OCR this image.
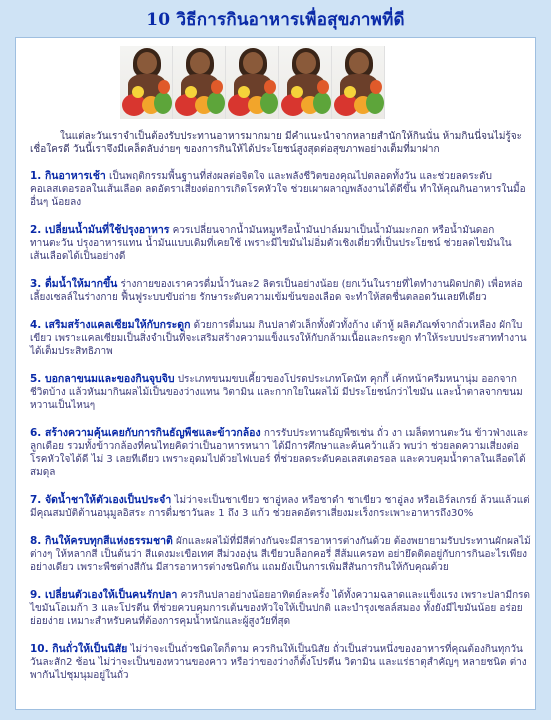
10 วิธีการกินอาหารเพื่อสุขภาพที่ดี

ในแต่ละวันเราจำเป็นต้องรับประทานอาหารมากมาย มีคำแนะนำจากหลายสำนักให้กินนั่น ห้ามกินนี่จนไม่รู้จะเชื่อใครดี วันนี้เราจึงมีเคล็ดลับง่ายๆ ของการกินให้ได้ประโยชน์สูงสุดต่อสุขภาพอย่างเต็มที่มาฝาก

1. กินอาหารเช้า เป็นพฤติกรรมพื้นฐานที่ส่งผลต่อจิตใจ และพลังชีวิตของคุณไปตลอดทั้งวัน และช่วยลดระดับคอเลสเตอรอลในเส้นเลือด ลดอัตราเสี่ยงต่อการเกิดโรคหัวใจ ช่วยเผาผลาญพลังงานได้ดีขึ้น ทำให้คุณกินอาหารในมื้ออื่นๆ น้อยลง
2. เปลี่ยนน้ำมันที่ใช้ปรุงอาหาร ควรเปลี่ยนจากน้ำมันหมูหรือน้ำมันปาล์มมาเป็นน้ำมันมะกอก หรือน้ำมันดอกทานตะวัน ปรุงอาหารแทน น้ำมันแบบเดิมที่เคยใช้ เพราะมีไขมันไม่อิ่มตัวเชิงเดี่ยวที่เป็นประโยชน์ ช่วยลดไขมันในเส้นเลือดได้เป็นอย่างดี
3. ดื่มน้ำให้มากขึ้น ร่างกายของเราควรดื่มน้ำวันละ2 ลิตรเป็นอย่างน้อย (ยกเว้นในรายที่ไตทำงานผิดปกติ) เพื่อหล่อเลี้ยงเซลล์ในร่างกาย ฟื้นฟูระบบขับถ่าย รักษาระดับความเข้มข้นของเลือด จะทำให้สดชื่นตลอดวันเลยทีเดียว
4. เสริมสร้างแคลเซียมให้กับกระดูก ด้วยการดื่มนม กินปลาตัวเล็กทั้งตัวทั้งก้าง เต้าหู้ ผลิตภัณฑ์จากถั่วเหลือง ผักใบเขียว เพราะแคลเซียมเป็นสิ่งจำเป็นที่จะเสริมสร้างความแข็งแรงให้กับกล้ามเนื้อและกระดูก ทำให้ระบบประสาททำงานได้เต็มประสิทธิภาพ
5. บอกลาขนมและของกินจุบจิบ ประเภทขนมขบเคี้ยวของโปรดประเภทโดนัท คุกกี้ เค้กหน้าครีมหนานุ่ม ออกจากชีวิตบ้าง แล้วหันมากินผลไม้เป็นของว่างแทน วิตามิน และกากใยในผลไม้ มีประโยชน์กว่าไขมัน และน้ำตาลจากขนมหวานเป็นไหนๆ
6. สร้างความคุ้นเคยกับการกินธัญพืชและข้าวกล้อง การรับประทานธัญพืชเช่น ถั่ว งา เมล็ดทานตะวัน ข้าวฟ่างและลูกเดือย รวมทั้งข้าวกล้องที่คนไทยคิดว่าเป็นอาหารหนาา ได้มีการศึกษาและค้นคว้าแล้ว พบว่า ช่วยลดความเสี่ยงต่อโรคหัวใจได้ดี ไม่ 3 เลยทีเดียว เพราะอุดมไปด้วยไฟเบอร์ ที่ช่วยลดระดับคอเลสเตอรอล และควบคุมน้ำตาลในเลือดได้สมดุล
7. จัดน้ำชาให้ตัวเองเป็นประจำ ไม่ว่าจะเป็นชาเขียว ชาอู่หลง หรือชาดำ ชาเขียว ชาอู่ลง หรือเอิร์ลเกรย์ ล้วนแล้วแต่มีคุณสมบัติต้านอนุมูลอิสระ การดื่มชาวันละ 1 ถึง 3 แก้ว ช่วยลดอัตราเสี่ยงมะเร็งกระเพาะอาหารถึง30%
8. กินให้ครบทุกสีแห่งธรรมชาติ ผักและผลไม้ที่มีสีต่างกันจะมีสารอาหารต่างกันด้วย ต้องพยายามรับประทานผักผลไม้ต่างๆ ให้หลากสี เป็นต้นว่า สีแดงมะเขือเทศ สีม่วงองุ่น สีเขียวบล็อกคอรี่ สีส้มแครอท อย่ายึดติดอยู่กับการกินอะไรเพียงอย่างเดียว เพราะพืชต่างสีกัน มีสารอาหารต่างชนิดกัน แถมยังเป็นการเพิ่มสีสันการกินให้กับคุณด้วย
9. เปลี่ยนตัวเองให้เป็นคนรักปลา ควรกินปลาอย่างน้อยอาทิตย์ละครั้ง ได้ทั้งความฉลาดและแข็งแรง เพราะปลามีกรดไขมันโอเมก้า 3 และโปรตีน ที่ช่วยควบคุมการเต้นของหัวใจให้เป็นปกติ และบำรุงเซลล์สมอง ทั้งยังมีไขมันน้อย อร่อย ย่อยง่าย เหมาะสำหรับคนที่ต้องการคุมน้ำหนักและผู้สูงวัยที่สุด
10. กินถั่วให้เป็นนิสัย ไม่ว่าจะเป็นถั่วชนิดใดก็ตาม ควรกินให้เป็นนิสัย ถั่วเป็นส่วนหนึ่งของอาหารที่คุณต้องกินทุกวัน วันละสัก2 ช้อน ไม่ว่าจะเป็นของหวานของคาว หรือว่าของว่างก็ตั้งโปรตีน วิตามิน และแร่ธาตุสำคัญๆ หลายชนิด ต่างพากันไปชุมนุมอยู่ในถั่ว
